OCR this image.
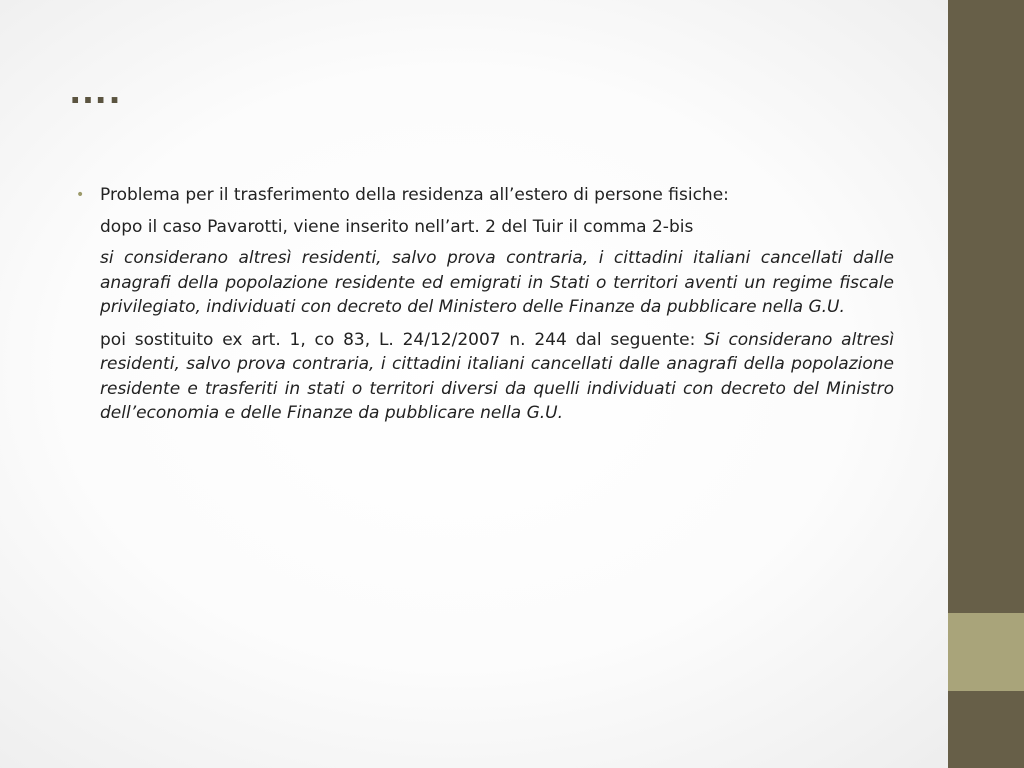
….
• Problema per il trasferimento della residenza all’estero di persone fisiche:

dopo il caso Pavarotti, viene inserito nell’art. 2 del Tuir il comma 2-bis

si considerano altresì residenti, salvo prova contraria, i cittadini italiani cancellati dalle anagrafi della popolazione residente ed emigrati in Stati o territori aventi un regime fiscale privilegiato, individuati con decreto del Ministero delle Finanze da pubblicare nella G.U.

poi sostituito ex art. 1, co 83, L. 24/12/2007 n. 244 dal seguente: Si considerano altresì residenti, salvo prova contraria, i cittadini italiani cancellati dalle anagrafi della popolazione residente e trasferiti in stati o territori diversi da quelli individuati con decreto del Ministro dell’economia e delle Finanze da pubblicare nella G.U.
